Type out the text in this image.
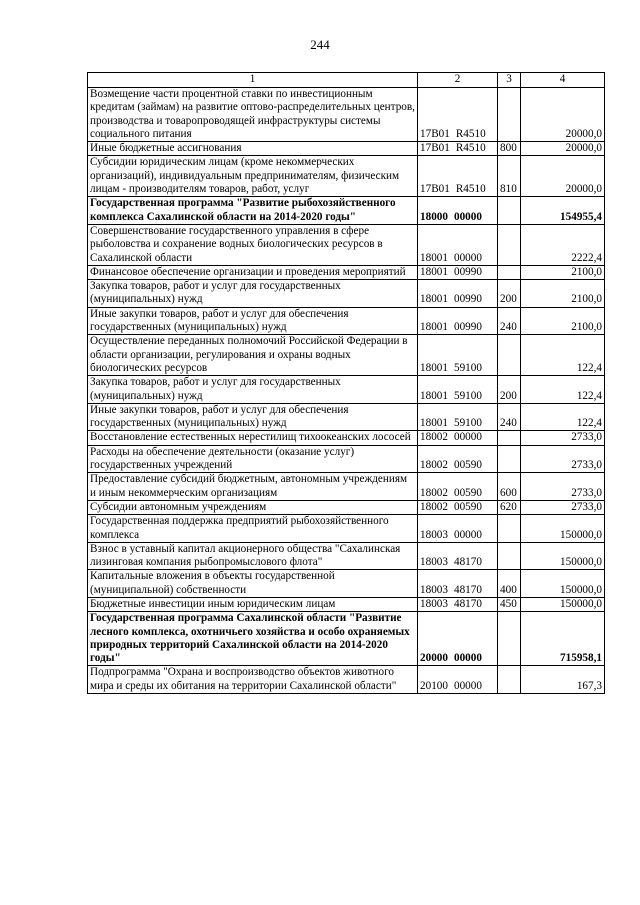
244
1	2	3	4
Возмещение части процентной ставки по инвестиционным кредитам (займам) на развитие оптово-распределительных центров, производства и товаропроводящей инфраструктуры системы социального питания	17B01 R4510		20000,0
Иные бюджетные ассигнования	17B01 R4510	800	20000,0
Субсидии юридическим лицам (кроме некоммерческих организаций), индивидуальным предпринимателям, физическим лицам - производителям товаров, работ, услуг	17B01 R4510	810	20000,0
Государственная программа "Развитие рыбохозяйственного комплекса Сахалинской области на 2014-2020 годы"	18000 00000		154955,4
Совершенствование государственного управления в сфере рыболовства и сохранение водных биологических ресурсов в Сахалинской области	18001 00000		2222,4
Финансовое обеспечение организации и проведения мероприятий	18001 00990		2100,0
Закупка товаров, работ и услуг для государственных (муниципальных) нужд	18001 00990	200	2100,0
Иные закупки товаров, работ и услуг для обеспечения государственных (муниципальных) нужд	18001 00990	240	2100,0
Осуществление переданных полномочий Российской Федерации в области организации, регулирования и охраны водных биологических ресурсов	18001 59100		122,4
Закупка товаров, работ и услуг для государственных (муниципальных) нужд	18001 59100	200	122,4
Иные закупки товаров, работ и услуг для обеспечения государственных (муниципальных) нужд	18001 59100	240	122,4
Восстановление естественных нерестилищ тихоокеанских лососей	18002 00000		2733,0
Расходы на обеспечение деятельности (оказание услуг) государственных учреждений	18002 00590		2733,0
Предоставление субсидий бюджетным, автономным учреждениям и иным некоммерческим организациям	18002 00590	600	2733,0
Субсидии автономным учреждениям	18002 00590	620	2733,0
Государственная поддержка предприятий рыбохозяйственного комплекса	18003 00000		150000,0
Взнос в уставный капитал акционерного общества "Сахалинская лизинговая компания рыбопромыслового флота"	18003 48170		150000,0
Капитальные вложения в объекты государственной (муниципальной) собственности	18003 48170	400	150000,0
Бюджетные инвестиции иным юридическим лицам	18003 48170	450	150000,0
Государственная программа Сахалинской области "Развитие лесного комплекса, охотничьего хозяйства и особо охраняемых природных территорий Сахалинской области на 2014-2020 годы"	20000 00000		715958,1
Подпрограмма "Охрана и воспроизводство объектов животного мира и среды их обитания на территории Сахалинской области"	20100 00000		167,3
